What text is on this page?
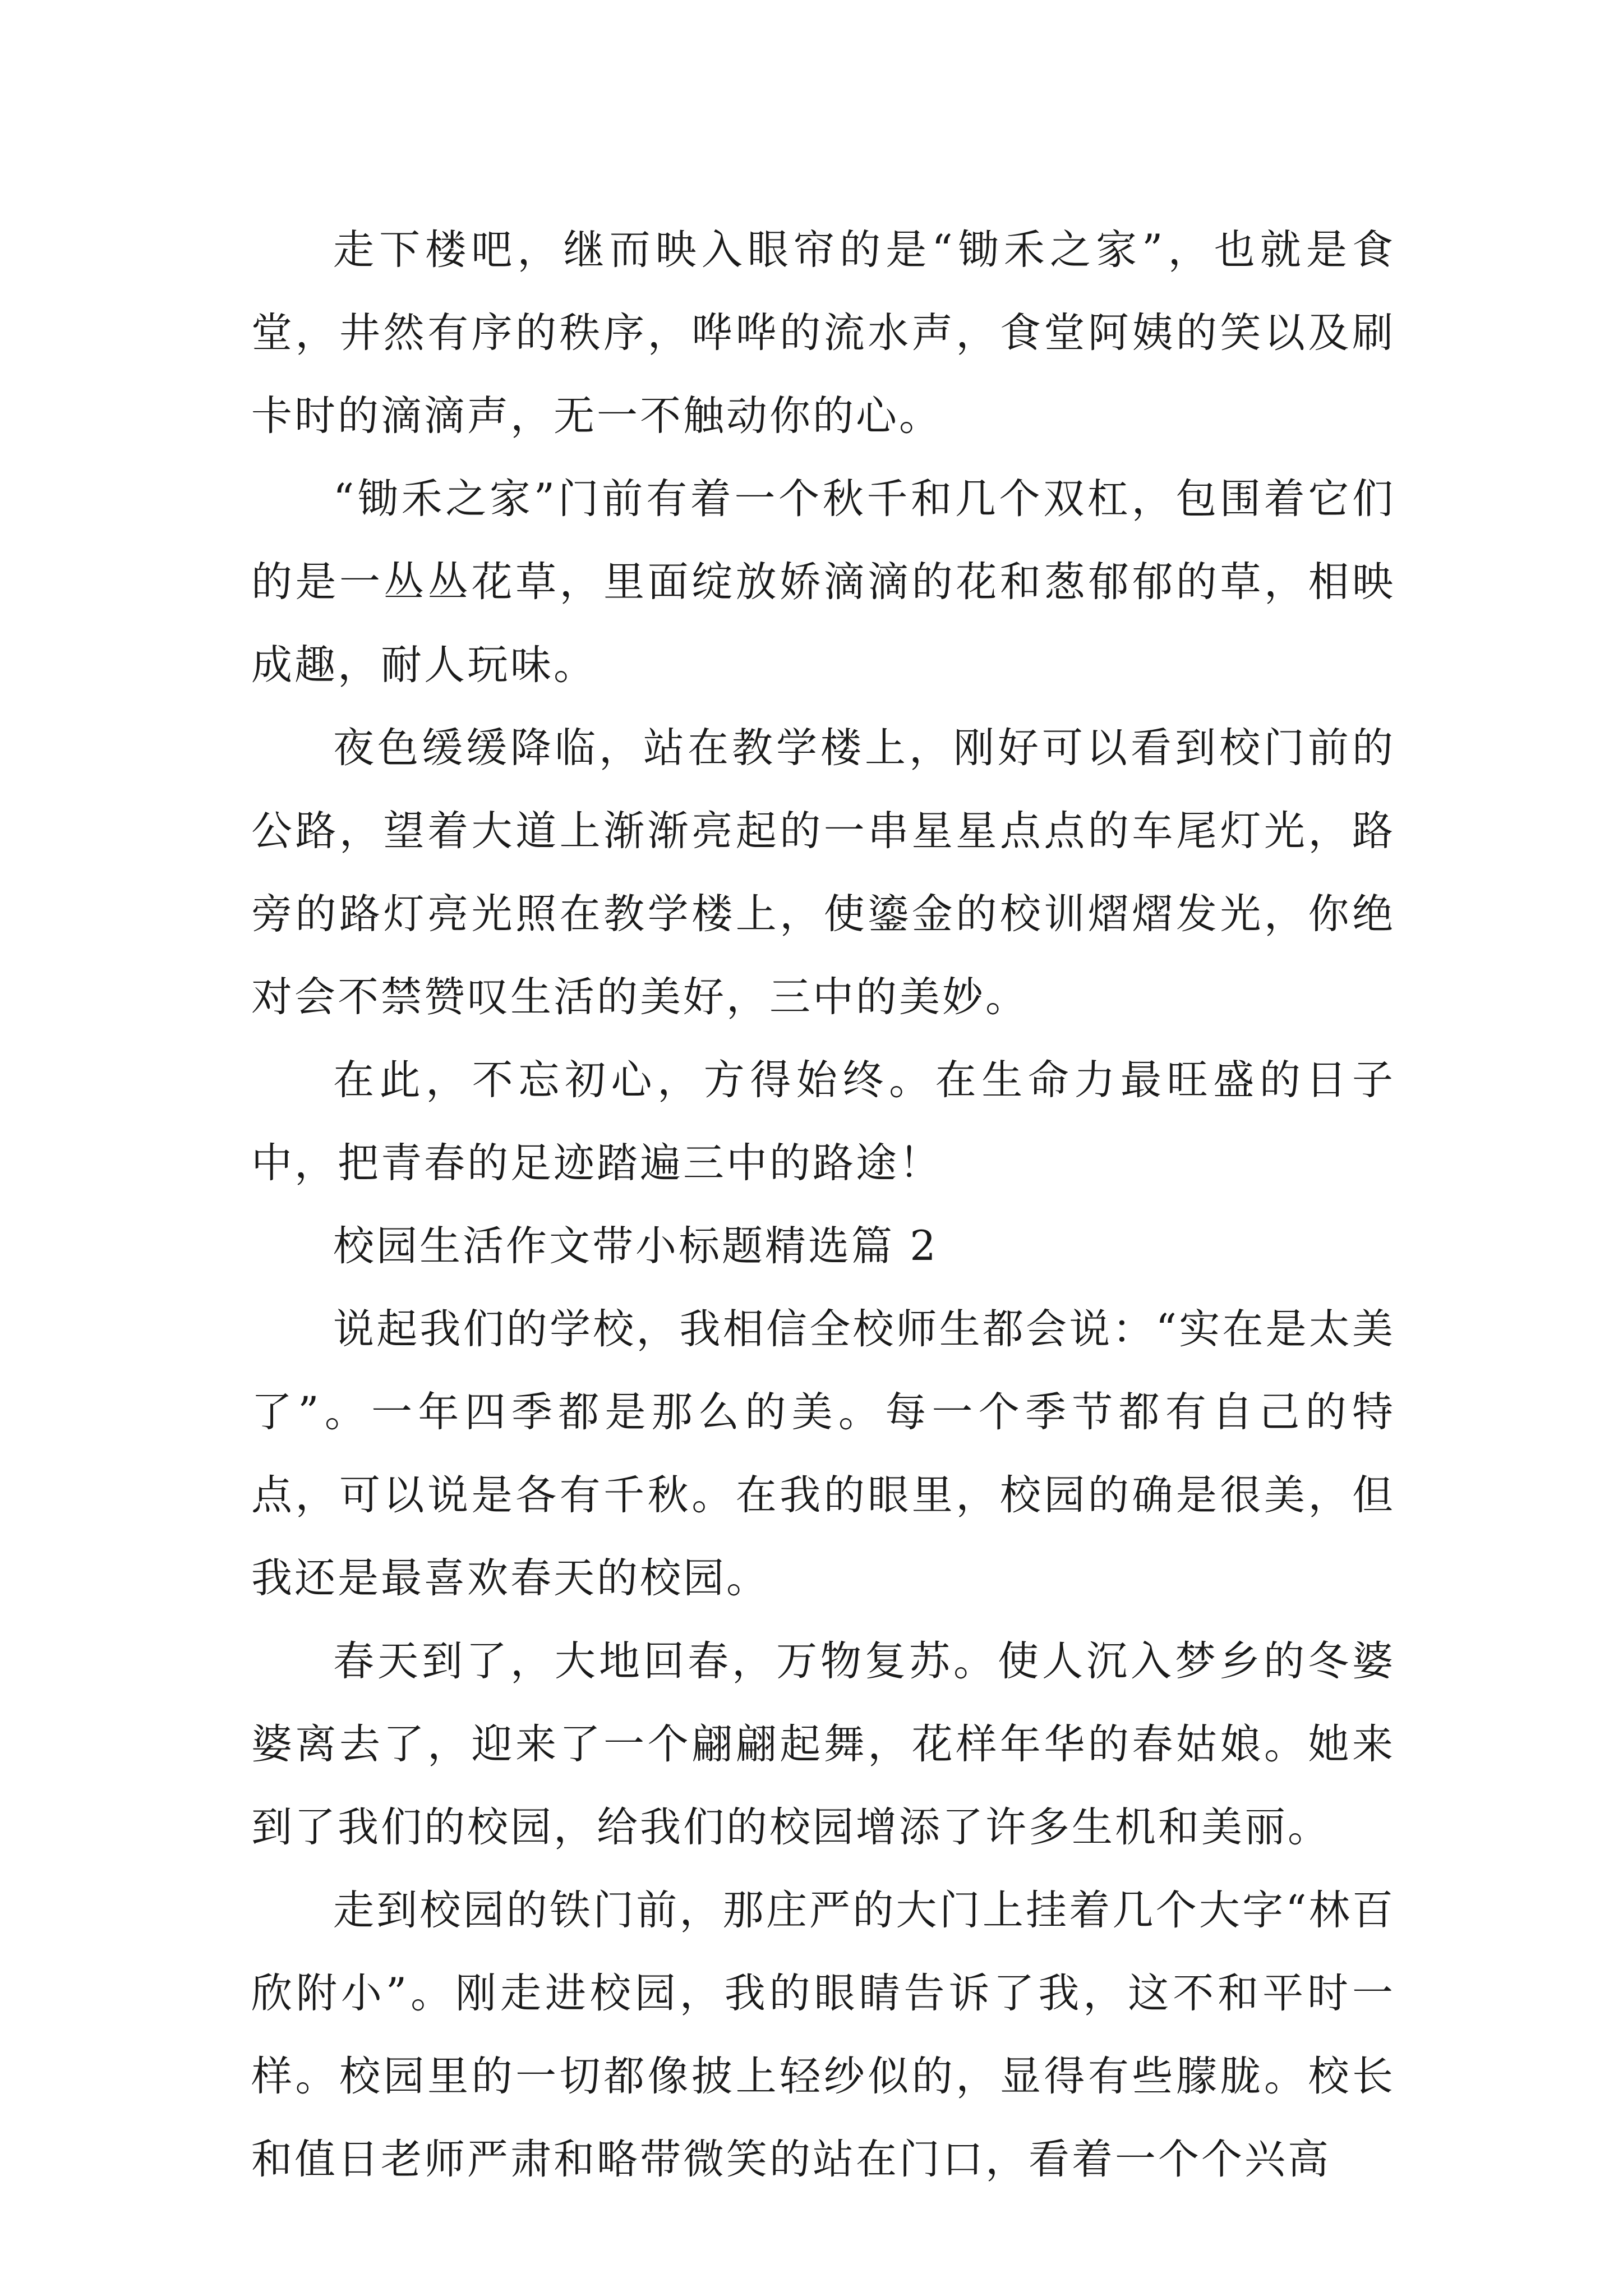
走下楼吧，继而映入眼帘的是“锄禾之家”，也就是食堂，井然有序的秩序，哗哗的流水声，食堂阿姨的笑以及刷卡时的滴滴声，无一不触动你的心。

“锄禾之家”门前有着一个秋千和几个双杠，包围着它们的是一丛丛花草，里面绽放娇滴滴的花和葱郁郁的草，相映成趣，耐人玩味。

夜色缓缓降临，站在教学楼上，刚好可以看到校门前的公路，望着大道上渐渐亮起的一串星星点点的车尾灯光，路旁的路灯亮光照在教学楼上，使鎏金的校训熠熠发光，你绝对会不禁赞叹生活的美好，三中的美妙。

在此，不忘初心，方得始终。在生命力最旺盛的日子中，把青春的足迹踏遍三中的路途！

校园生活作文带小标题精选篇 2

说起我们的学校，我相信全校师生都会说：“实在是太美了”。一年四季都是那么的美。每一个季节都有自己的特点，可以说是各有千秋。在我的眼里，校园的确是很美，但我还是最喜欢春天的校园。

春天到了，大地回春，万物复苏。使人沉入梦乡的冬婆婆离去了，迎来了一个翩翩起舞，花样年华的春姑娘。她来到了我们的校园，给我们的校园增添了许多生机和美丽。

走到校园的铁门前，那庄严的大门上挂着几个大字“林百欣附小”。刚走进校园，我的眼睛告诉了我，这不和平时一样。校园里的一切都像披上轻纱似的，显得有些朦胧。校长和值日老师严肃和略带微笑的站在门口，看着一个个兴高
